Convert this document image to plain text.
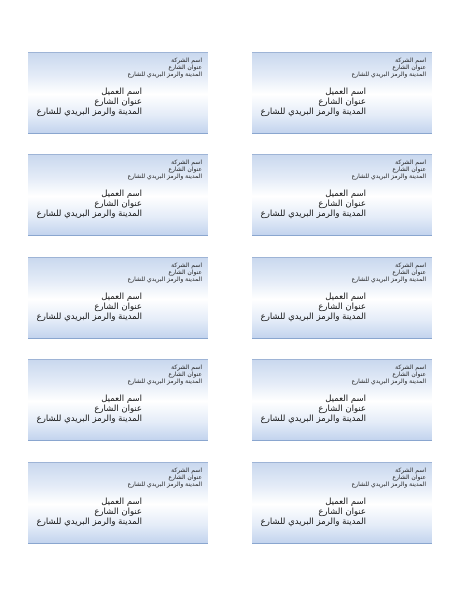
اسم الشركة
عنوان الشارع
المدينة والرمز البريدي للشارع
اسم العميل
عنوان الشارع
المدينة والرمز البريدي للشارع
اسم الشركة
عنوان الشارع
المدينة والرمز البريدي للشارع
اسم العميل
عنوان الشارع
المدينة والرمز البريدي للشارع
اسم الشركة
عنوان الشارع
المدينة والرمز البريدي للشارع
اسم العميل
عنوان الشارع
المدينة والرمز البريدي للشارع
اسم الشركة
عنوان الشارع
المدينة والرمز البريدي للشارع
اسم العميل
عنوان الشارع
المدينة والرمز البريدي للشارع
اسم الشركة
عنوان الشارع
المدينة والرمز البريدي للشارع
اسم العميل
عنوان الشارع
المدينة والرمز البريدي للشارع
اسم الشركة
عنوان الشارع
المدينة والرمز البريدي للشارع
اسم العميل
عنوان الشارع
المدينة والرمز البريدي للشارع
اسم الشركة
عنوان الشارع
المدينة والرمز البريدي للشارع
اسم العميل
عنوان الشارع
المدينة والرمز البريدي للشارع
اسم الشركة
عنوان الشارع
المدينة والرمز البريدي للشارع
اسم العميل
عنوان الشارع
المدينة والرمز البريدي للشارع
اسم الشركة
عنوان الشارع
المدينة والرمز البريدي للشارع
اسم العميل
عنوان الشارع
المدينة والرمز البريدي للشارع
اسم الشركة
عنوان الشارع
المدينة والرمز البريدي للشارع
اسم العميل
عنوان الشارع
المدينة والرمز البريدي للشارع
